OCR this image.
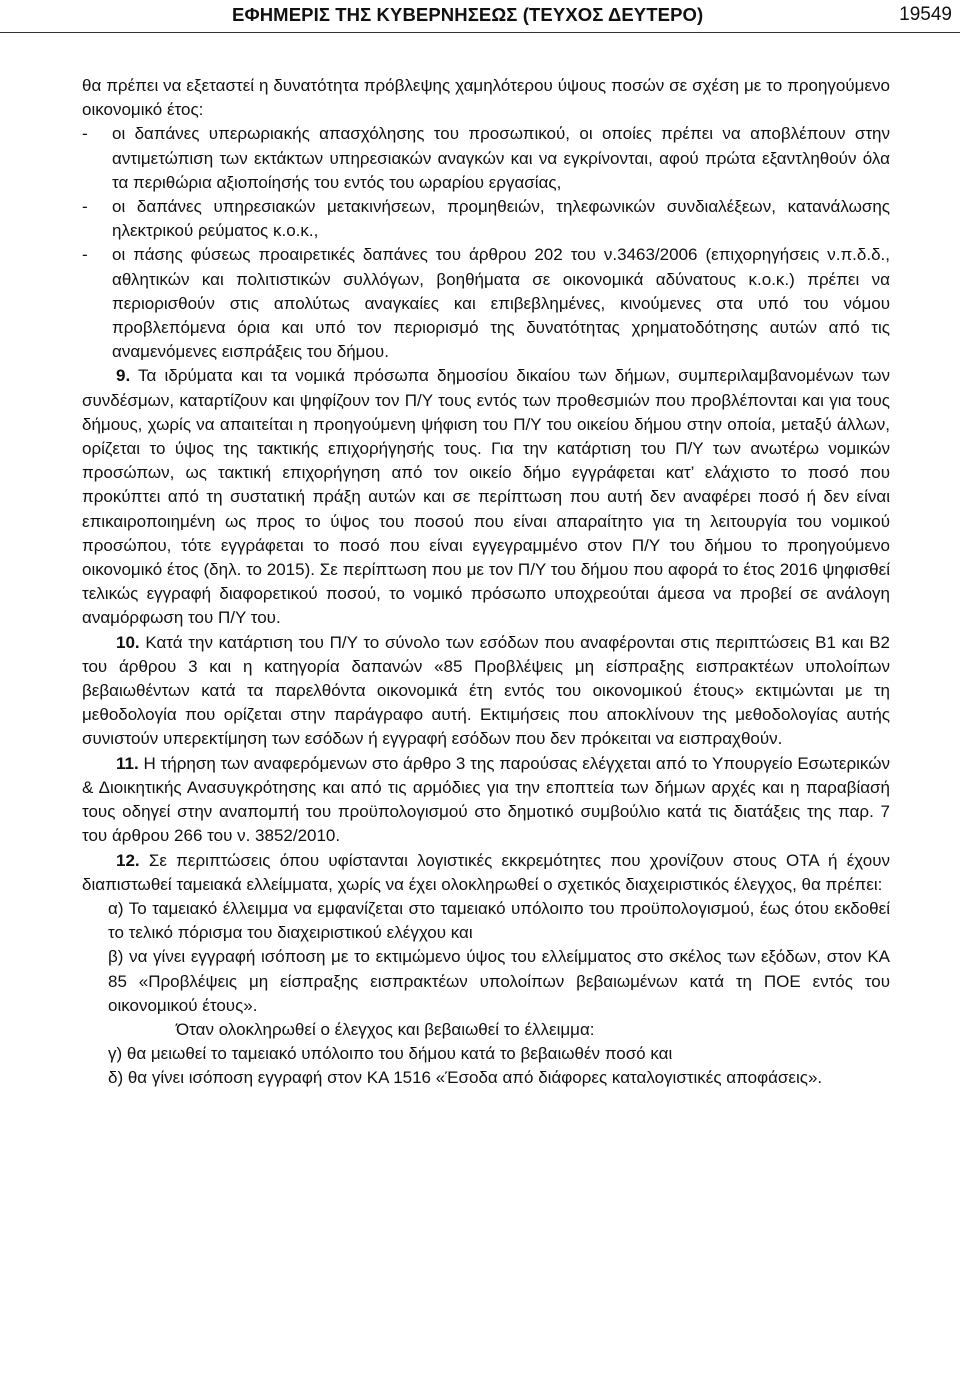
ΕΦΗΜΕΡΙΣ ΤΗΣ ΚΥΒΕΡΝΗΣΕΩΣ (ΤΕΥΧΟΣ ΔΕΥΤΕΡΟ)	19549

θα πρέπει να εξεταστεί η δυνατότητα πρόβλεψης χαμηλότερου ύψους ποσών σε σχέση με το προηγούμενο οικονομικό έτος:

-	οι δαπάνες υπερωριακής απασχόλησης του προσωπικού, οι οποίες πρέπει να αποβλέπουν στην αντιμετώπιση των εκτάκτων υπηρεσιακών αναγκών και να εγκρίνονται, αφού πρώτα εξαντληθούν όλα τα περιθώρια αξιοποίησής του εντός του ωραρίου εργασίας,
-	οι δαπάνες υπηρεσιακών μετακινήσεων, προμηθειών, τηλεφωνικών συνδιαλέξεων, κατανάλωσης ηλεκτρικού ρεύματος κ.ο.κ.,
-	οι πάσης φύσεως προαιρετικές δαπάνες του άρθρου 202 του ν.3463/2006 (επιχορηγήσεις ν.π.δ.δ., αθλητικών και πολιτιστικών συλλόγων, βοηθήματα σε οικονομικά αδύνατους κ.ο.κ.) πρέπει να περιορισθούν στις απολύτως αναγκαίες και επιβεβλημένες, κινούμενες στα υπό του νόμου προβλεπόμενα όρια και υπό τον περιορισμό της δυνατότητας χρηματοδότησης αυτών από τις αναμενόμενες εισπράξεις του δήμου.

9. Τα ιδρύματα και τα νομικά πρόσωπα δημοσίου δικαίου των δήμων, συμπεριλαμβανομένων των συνδέσμων, καταρτίζουν και ψηφίζουν τον Π/Υ τους εντός των προθεσμιών που προβλέπονται και για τους δήμους, χωρίς να απαιτείται η προηγούμενη ψήφιση του Π/Υ του οικείου δήμου στην οποία, μεταξύ άλλων, ορίζεται το ύψος της τακτικής επιχορήγησής τους. Για την κατάρτιση του Π/Υ των ανωτέρω νομικών προσώπων, ως τακτική επιχορήγηση από τον οικείο δήμο εγγράφεται κατ’ ελάχιστο το ποσό που προκύπτει από τη συστατική πράξη αυτών και σε περίπτωση που αυτή δεν αναφέρει ποσό ή δεν είναι επικαιροποιημένη ως προς το ύψος του ποσού που είναι απαραίτητο για τη λειτουργία του νομικού προσώπου, τότε εγγράφεται το ποσό που είναι εγγεγραμμένο στον Π/Υ του δήμου το προηγούμενο οικονομικό έτος (δηλ. το 2015). Σε περίπτωση που με τον Π/Υ του δήμου που αφορά το έτος 2016 ψηφισθεί τελικώς εγγραφή διαφορετικού ποσού, το νομικό πρόσωπο υποχρεούται άμεσα να προβεί σε ανάλογη αναμόρφωση του Π/Υ του.

10. Κατά την κατάρτιση του Π/Υ το σύνολο των εσόδων που αναφέρονται στις περιπτώσεις Β1 και Β2 του άρθρου 3 και η κατηγορία δαπανών «85 Προβλέψεις μη είσπραξης εισπρακτέων υπολοίπων βεβαιωθέντων κατά τα παρελθόντα οικονομικά έτη εντός του οικονομικού έτους» εκτιμώνται με τη μεθοδολογία που ορίζεται στην παράγραφο αυτή. Εκτιμήσεις που αποκλίνουν της μεθοδολογίας αυτής συνιστούν υπερεκτίμηση των εσόδων ή εγγραφή εσόδων που δεν πρόκειται να εισπραχθούν.

11. Η τήρηση των αναφερόμενων στο άρθρο 3 της παρούσας ελέγχεται από το Υπουργείο Εσωτερικών & Διοικητικής Ανασυγκρότησης και από τις αρμόδιες για την εποπτεία των δήμων αρχές και η παραβίασή τους οδηγεί στην αναπομπή του προϋπολογισμού στο δημοτικό συμβούλιο κατά τις διατάξεις της παρ. 7 του άρθρου 266 του ν. 3852/2010.

12. Σε περιπτώσεις όπου υφίστανται λογιστικές εκκρεμότητες που χρονίζουν στους ΟΤΑ ή έχουν διαπιστωθεί ταμειακά ελλείμματα, χωρίς να έχει ολοκληρωθεί ο σχετικός διαχειριστικός έλεγχος, θα πρέπει:

α) Το ταμειακό έλλειμμα να εμφανίζεται στο ταμειακό υπόλοιπο του προϋπολογισμού, έως ότου εκδοθεί το τελικό πόρισμα του διαχειριστικού ελέγχου και

β) να γίνει εγγραφή ισόποση με το εκτιμώμενο ύψος του ελλείμματος στο σκέλος των εξόδων, στον ΚΑ 85 «Προβλέψεις μη είσπραξης εισπρακτέων υπολοίπων βεβαιωμένων κατά τη ΠΟΕ εντός του οικονομικού έτους».

Όταν ολοκληρωθεί ο έλεγχος και βεβαιωθεί το έλλειμμα:

γ) θα μειωθεί το ταμειακό υπόλοιπο του δήμου κατά το βεβαιωθέν ποσό και

δ) θα γίνει ισόποση εγγραφή στον ΚΑ 1516 «Έσοδα από διάφορες καταλογιστικές αποφάσεις».
